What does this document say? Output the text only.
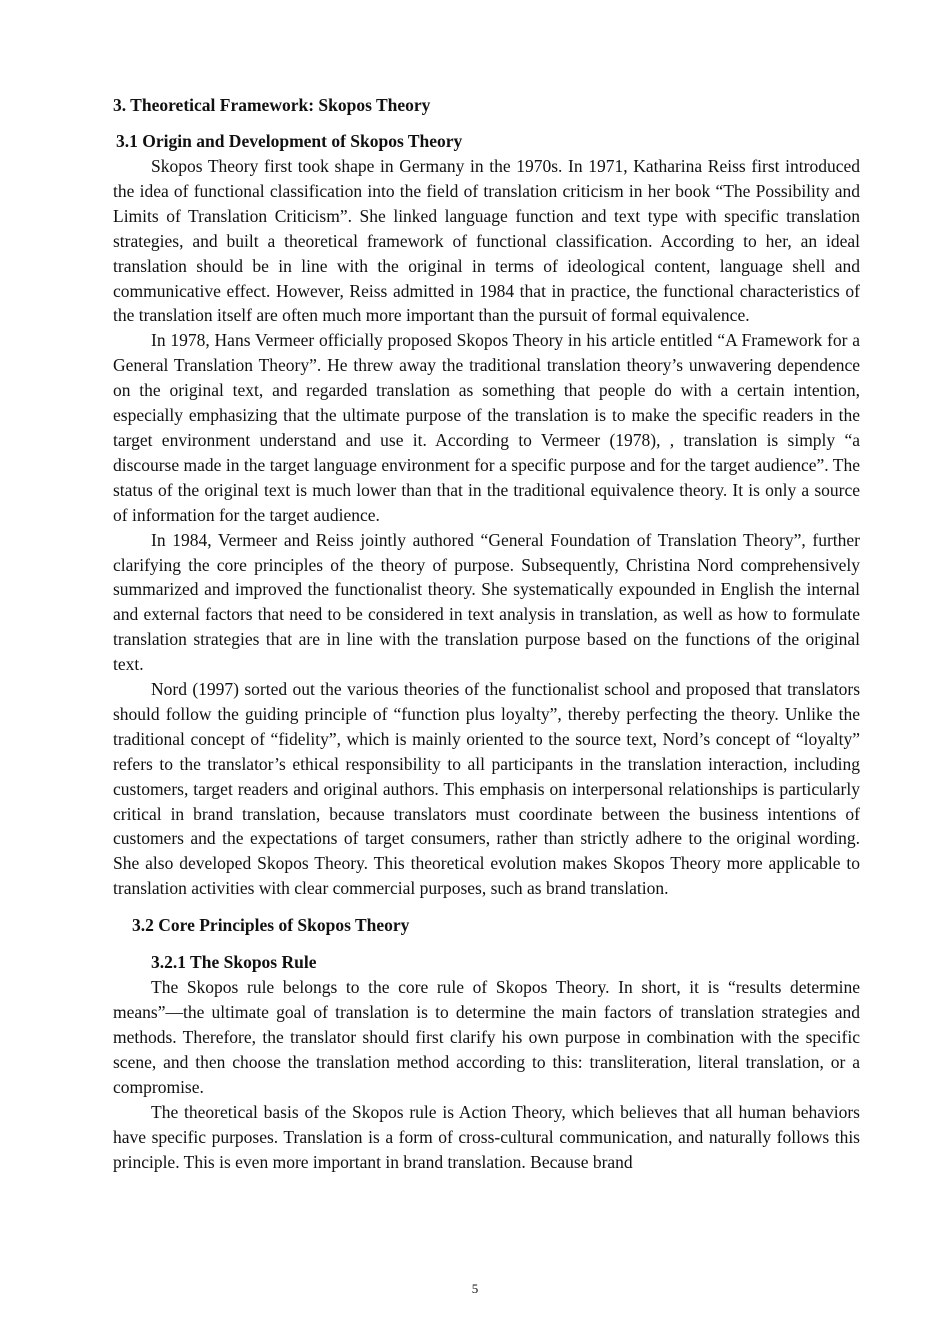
3. Theoretical Framework: Skopos Theory
3.1 Origin and Development of Skopos Theory

Skopos Theory first took shape in Germany in the 1970s. In 1971, Katharina Reiss first introduced the idea of functional classification into the field of translation criticism in her book “The Possibility and Limits of Translation Criticism”. She linked language function and text type with specific translation strategies, and built a theoretical framework of functional classification. According to her, an ideal translation should be in line with the original in terms of ideological content, language shell and communicative effect. However, Reiss admitted in 1984 that in practice, the functional characteristics of the translation itself are often much more important than the pursuit of formal equivalence.

In 1978, Hans Vermeer officially proposed Skopos Theory in his article entitled “A Framework for a General Translation Theory”. He threw away the traditional translation theory’s unwavering dependence on the original text, and regarded translation as something that people do with a certain intention, especially emphasizing that the ultimate purpose of the translation is to make the specific readers in the target environment understand and use it. According to Vermeer (1978), , translation is simply “a discourse made in the target language environment for a specific purpose and for the target audience”. The status of the original text is much lower than that in the traditional equivalence theory. It is only a source of information for the target audience.

In 1984, Vermeer and Reiss jointly authored “General Foundation of Translation Theory”, further clarifying the core principles of the theory of purpose. Subsequently, Christina Nord comprehensively summarized and improved the functionalist theory. She systematically expounded in English the internal and external factors that need to be considered in text analysis in translation, as well as how to formulate translation strategies that are in line with the translation purpose based on the functions of the original text.

Nord (1997) sorted out the various theories of the functionalist school and proposed that translators should follow the guiding principle of “function plus loyalty”, thereby perfecting the theory. Unlike the traditional concept of “fidelity”, which is mainly oriented to the source text, Nord’s concept of “loyalty” refers to the translator’s ethical responsibility to all participants in the translation interaction, including customers, target readers and original authors. This emphasis on interpersonal relationships is particularly critical in brand translation, because translators must coordinate between the business intentions of customers and the expectations of target consumers, rather than strictly adhere to the original wording. She also developed Skopos Theory. This theoretical evolution makes Skopos Theory more applicable to translation activities with clear commercial purposes, such as brand translation.

3.2 Core Principles of Skopos Theory
3.2.1 The Skopos Rule

The Skopos rule belongs to the core rule of Skopos Theory. In short, it is “results determine means”—the ultimate goal of translation is to determine the main factors of translation strategies and methods. Therefore, the translator should first clarify his own purpose in combination with the specific scene, and then choose the translation method according to this: transliteration, literal translation, or a compromise.

The theoretical basis of the Skopos rule is Action Theory, which believes that all human behaviors have specific purposes. Translation is a form of cross-cultural communication, and naturally follows this principle. This is even more important in brand translation. Because brand

5
